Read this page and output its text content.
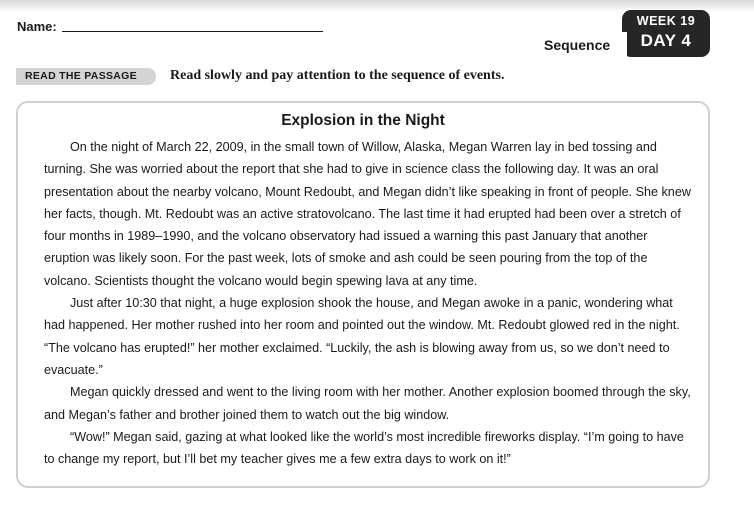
Name:
Sequence
WEEK 19
DAY 4
READ THE PASSAGE	Read slowly and pay attention to the sequence of events.
Explosion in the Night

On the night of March 22, 2009, in the small town of Willow, Alaska, Megan Warren lay in bed tossing and turning. She was worried about the report that she had to give in science class the following day. It was an oral presentation about the nearby volcano, Mount Redoubt, and Megan didn’t like speaking in front of people. She knew her facts, though. Mt. Redoubt was an active stratovolcano. The last time it had erupted had been over a stretch of four months in 1989–1990, and the volcano observatory had issued a warning this past January that another eruption was likely soon. For the past week, lots of smoke and ash could be seen pouring from the top of the volcano. Scientists thought the volcano would begin spewing lava at any time.

Just after 10:30 that night, a huge explosion shook the house, and Megan awoke in a panic, wondering what had happened. Her mother rushed into her room and pointed out the window. Mt. Redoubt glowed red in the night. “The volcano has erupted!” her mother exclaimed. “Luckily, the ash is blowing away from us, so we don’t need to evacuate.”

Megan quickly dressed and went to the living room with her mother. Another explosion boomed through the sky, and Megan’s father and brother joined them to watch out the big window.

“Wow!” Megan said, gazing at what looked like the world’s most incredible fireworks display. “I’m going to have to change my report, but I’ll bet my teacher gives me a few extra days to work on it!”
